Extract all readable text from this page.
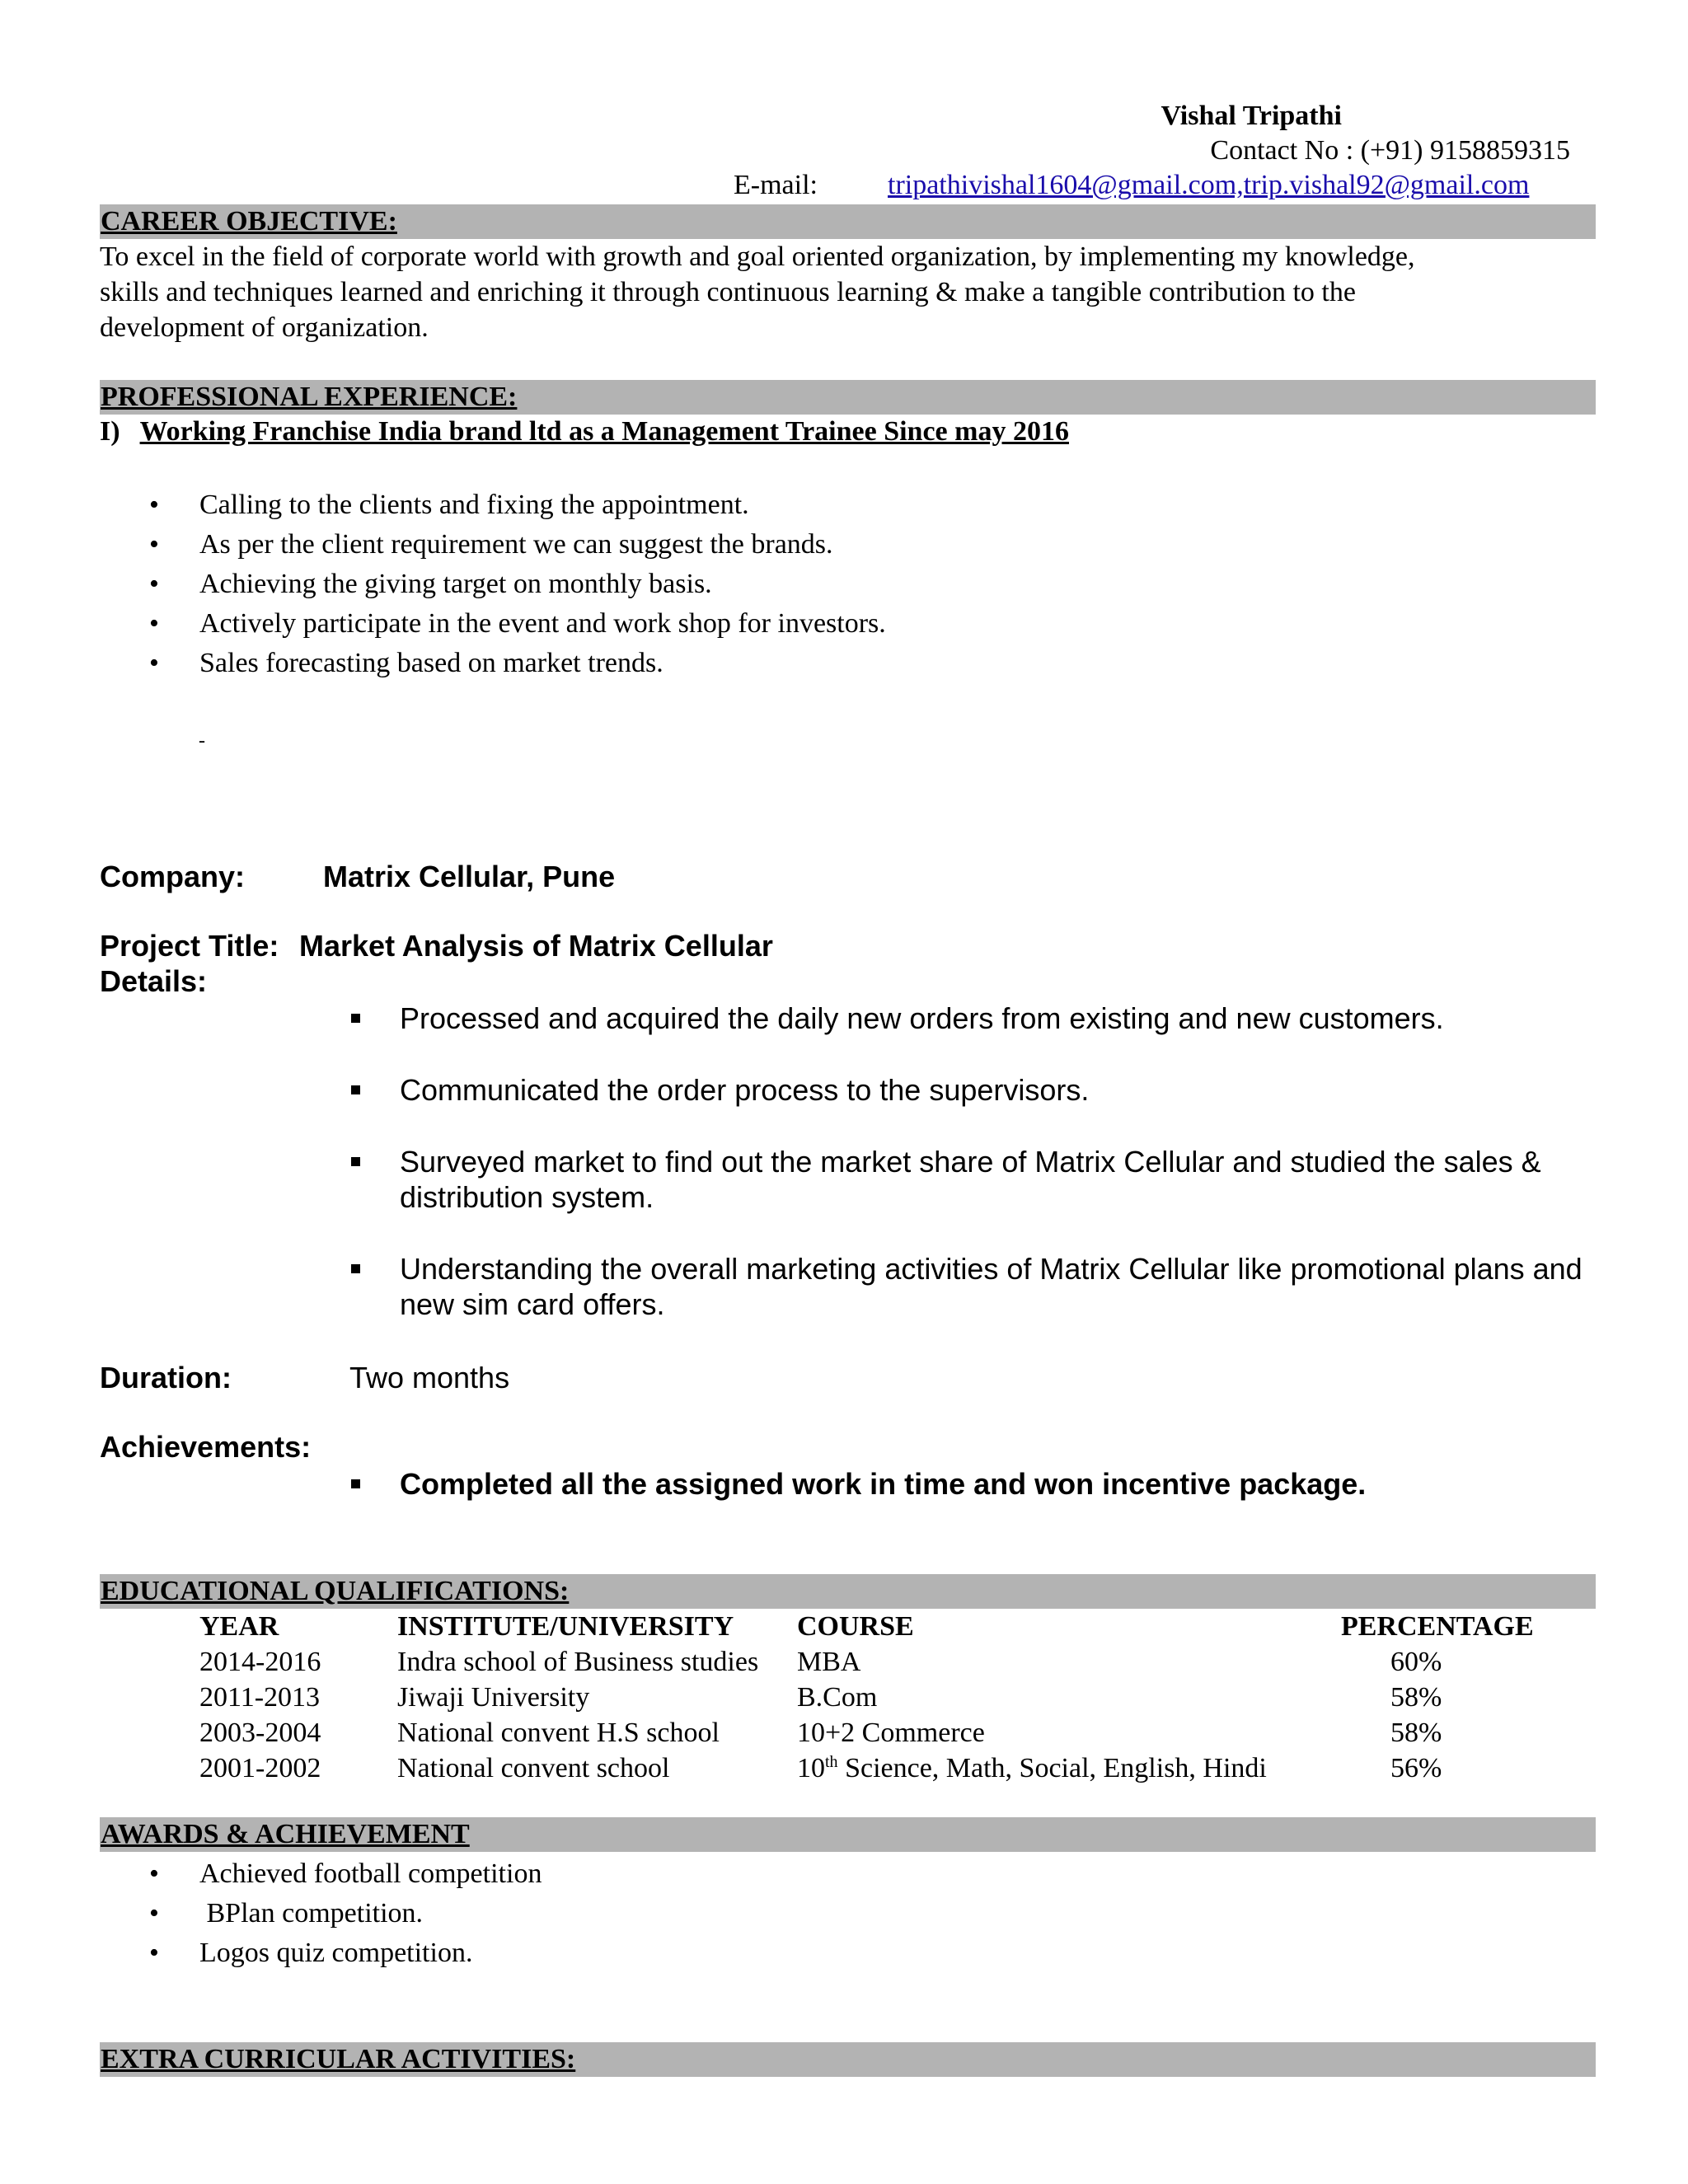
Vishal Tripathi
Contact No : (+91) 9158859315
E-mail:	tripathivishal1604@gmail.com,trip.vishal92@gmail.com
CAREER OBJECTIVE:
To excel in the field of corporate world with growth and goal oriented organization, by implementing my knowledge,
skills and techniques learned and enriching it through continuous learning & make a tangible contribution to the
development of organization.
PROFESSIONAL EXPERIENCE:
I) Working Franchise India brand ltd as a Management Trainee Since may 2016
• Calling to the clients and fixing the appointment.
• As per the client requirement we can suggest the brands.
• Achieving the giving target on monthly basis.
• Actively participate in the event and work shop for investors.
• Sales forecasting based on market trends.
-
Company:	Matrix Cellular, Pune
Project Title: Market Analysis of Matrix Cellular
Details:
Processed and acquired the daily new orders from existing and new customers.
Communicated the order process to the supervisors.
Surveyed market to find out the market share of Matrix Cellular and studied the sales & distribution system.
Understanding the overall marketing activities of Matrix Cellular like promotional plans and new sim card offers.
Duration:	Two months
Achievements:
Completed all the assigned work in time and won incentive package.
EDUCATIONAL QUALIFICATIONS:
YEAR	INSTITUTE/UNIVERSITY	COURSE	PERCENTAGE
2014-2016	Indra school of Business studies	MBA	60%
2011-2013	Jiwaji University	B.Com	58%
2003-2004	National convent H.S school	10+2 Commerce	58%
2001-2002	National convent school	10th Science, Math, Social, English, Hindi	56%
AWARDS & ACHIEVEMENT
• Achieved football competition
•  BPlan competition.
• Logos quiz competition.
EXTRA CURRICULAR ACTIVITIES:
